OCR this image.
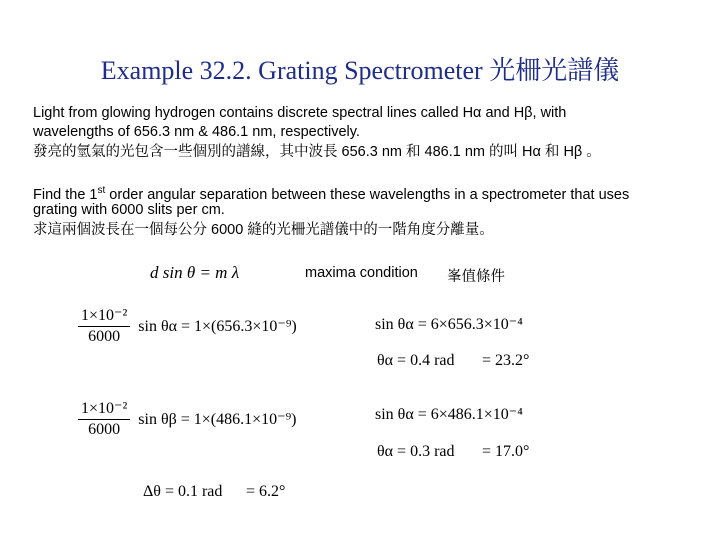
Example 32.2. Grating Spectrometer 光柵光譜儀
Light from glowing hydrogen contains discrete spectral lines called Hα and Hβ, with
wavelengths of 656.3 nm & 486.1 nm, respectively.
發亮的氫氣的光包含一些個別的譜線，其中波長 656.3 nm 和 486.1 nm 的叫 Hα 和 Hβ 。
Find the 1st order angular separation between these wavelengths in a spectrometer that uses
grating with 6000 slits per cm.
求這兩個波長在一個每公分 6000 縫的光柵光譜儀中的一階角度分離量。
d sin θ = m λ	maxima condition 峯值條件
$\frac{\text{1×10⁻²}}{6000}$ sin θα = 1×(656.3×10⁻⁹)	sin θα = 6×656.3×10⁻⁴
θα = 0.4 rad = 23.2°
$\frac{\text{1×10⁻²}}{6000}$ sin θβ = 1×(486.1×10⁻⁹)	sin θα = 6×486.1×10⁻⁴
θα = 0.3 rad = 17.0°
Δθ = 0.1 rad = 6.2°
